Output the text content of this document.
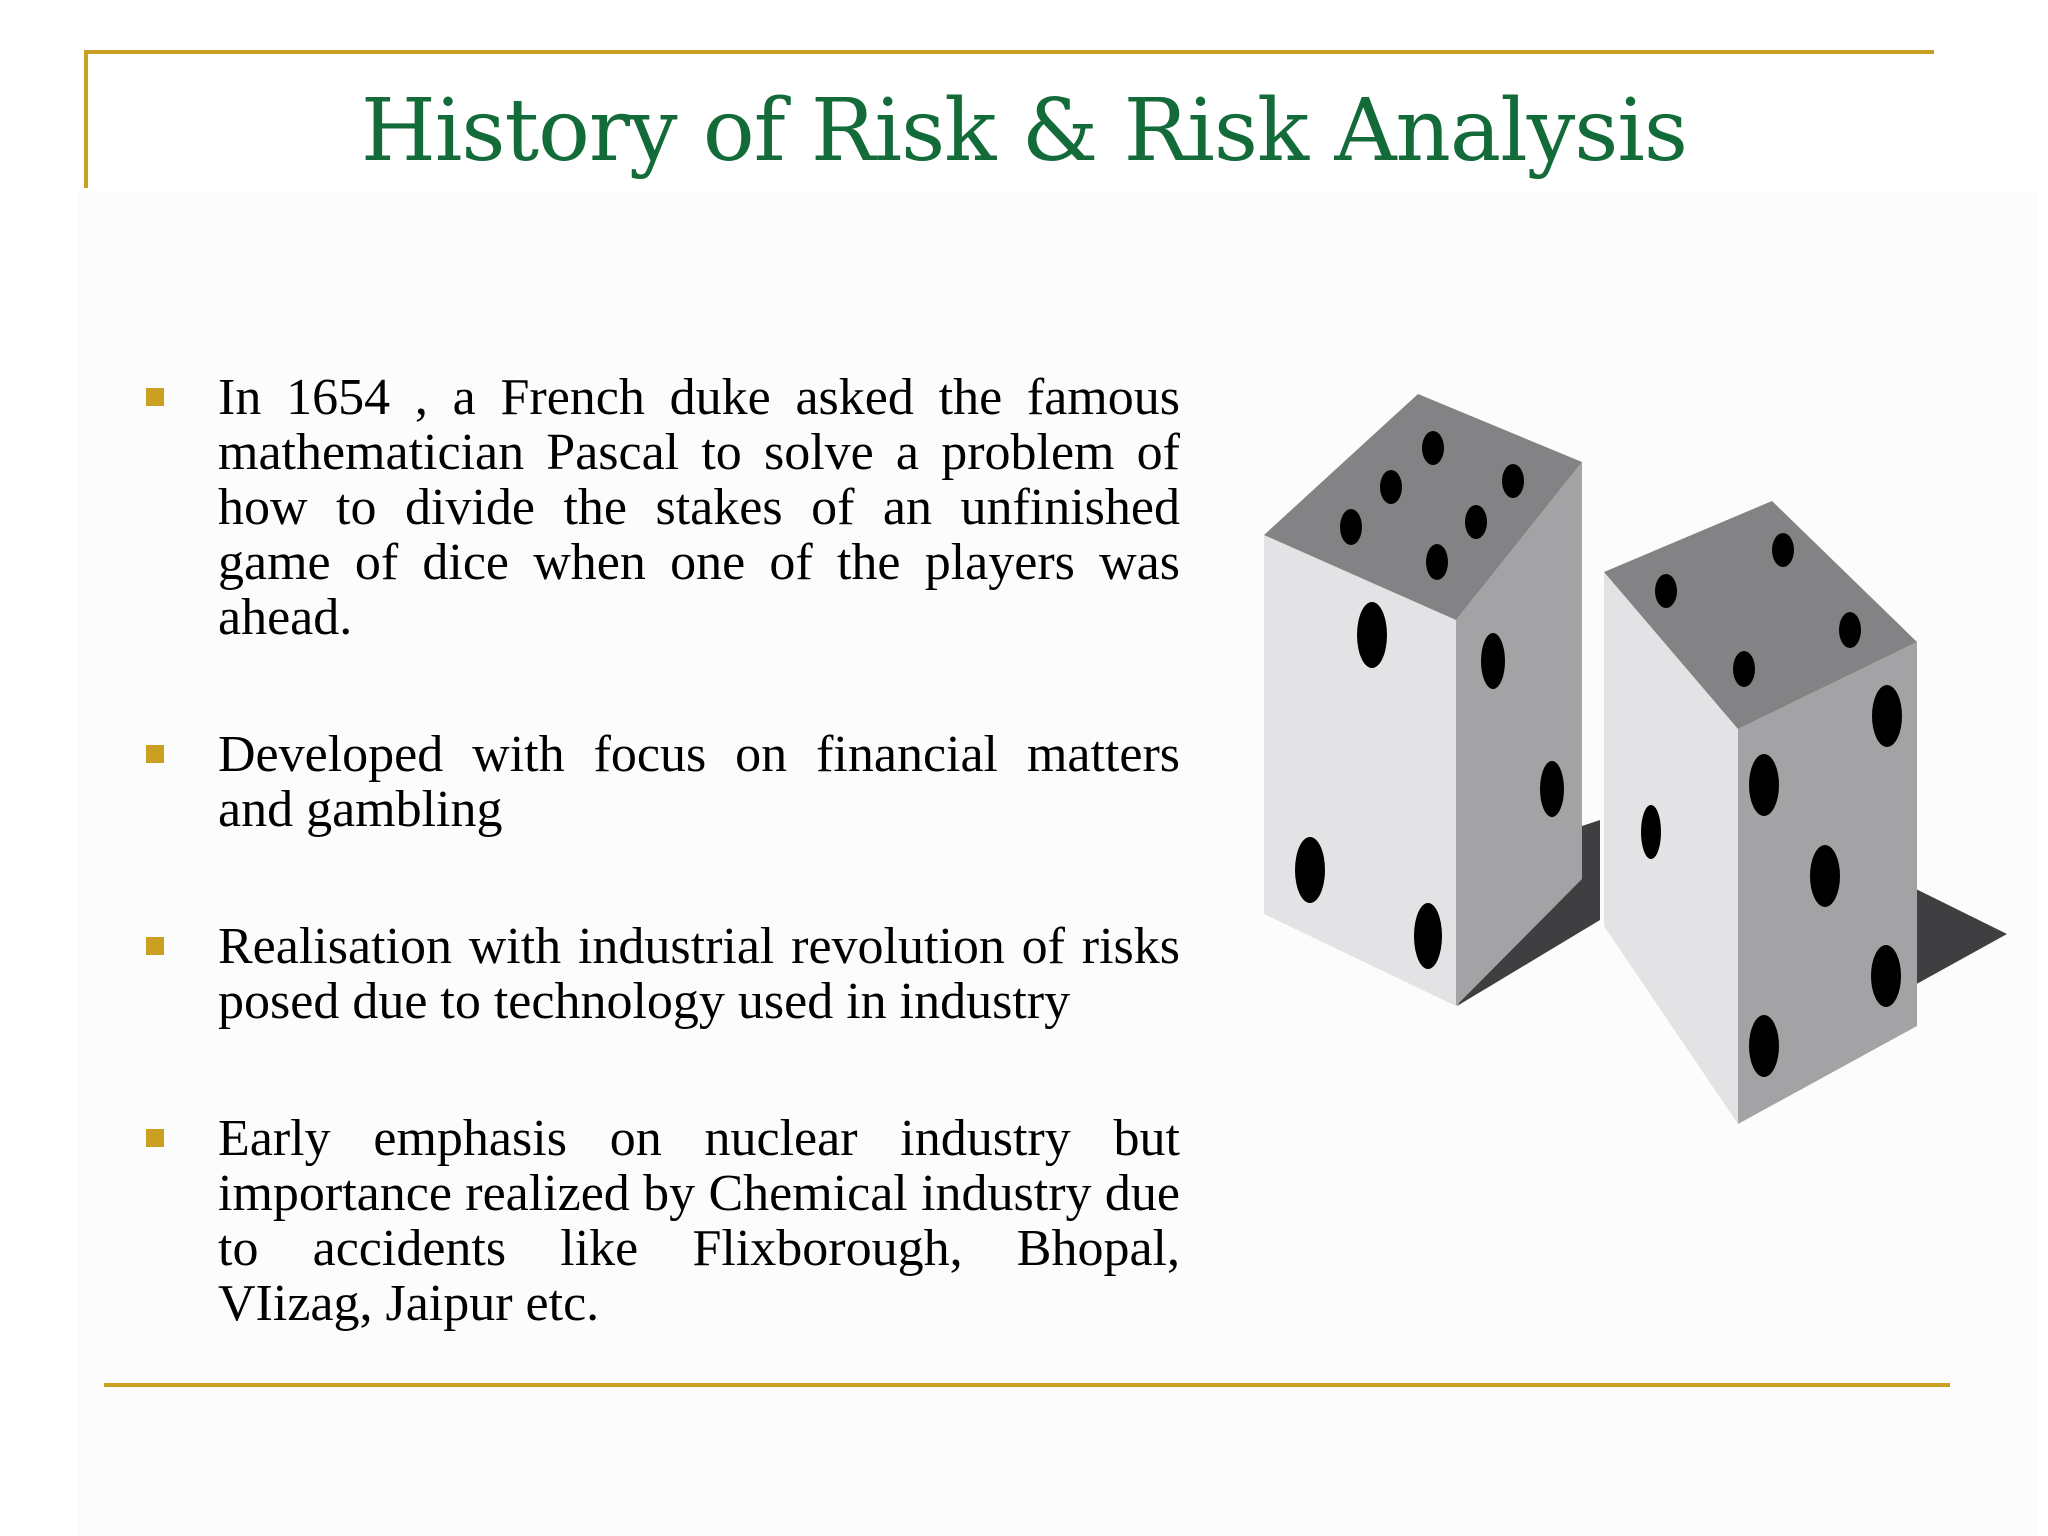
History of Risk & Risk Analysis
In 1654 , a French duke asked the famous mathematician Pascal to solve a problem of how to divide the stakes of an unfinished game of dice when one of the players was ahead.
Developed with focus on financial matters and gambling
Realisation with industrial revolution of risks posed due to technology used in industry
Early emphasis on nuclear industry but importance realized by Chemical industry due to accidents like Flixborough, Bhopal, VIizag, Jaipur etc.
